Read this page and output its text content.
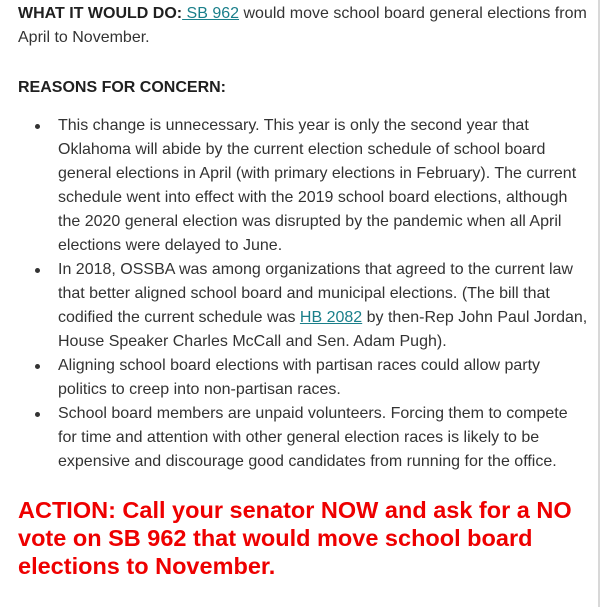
WHAT IT WOULD DO: SB 962 would move school board general elections from April to November.

REASONS FOR CONCERN:

This change is unnecessary. This year is only the second year that Oklahoma will abide by the current election schedule of school board general elections in April (with primary elections in February). The current schedule went into effect with the 2019 school board elections, although the 2020 general election was disrupted by the pandemic when all April elections were delayed to June.
In 2018, OSSBA was among organizations that agreed to the current law that better aligned school board and municipal elections. (The bill that codified the current schedule was HB 2082 by then-Rep John Paul Jordan, House Speaker Charles McCall and Sen. Adam Pugh).
Aligning school board elections with partisan races could allow party politics to creep into non-partisan races.
School board members are unpaid volunteers. Forcing them to compete for time and attention with other general election races is likely to be expensive and discourage good candidates from running for the office.

ACTION: Call your senator NOW and ask for a NO vote on SB 962 that would move school board elections to November.
